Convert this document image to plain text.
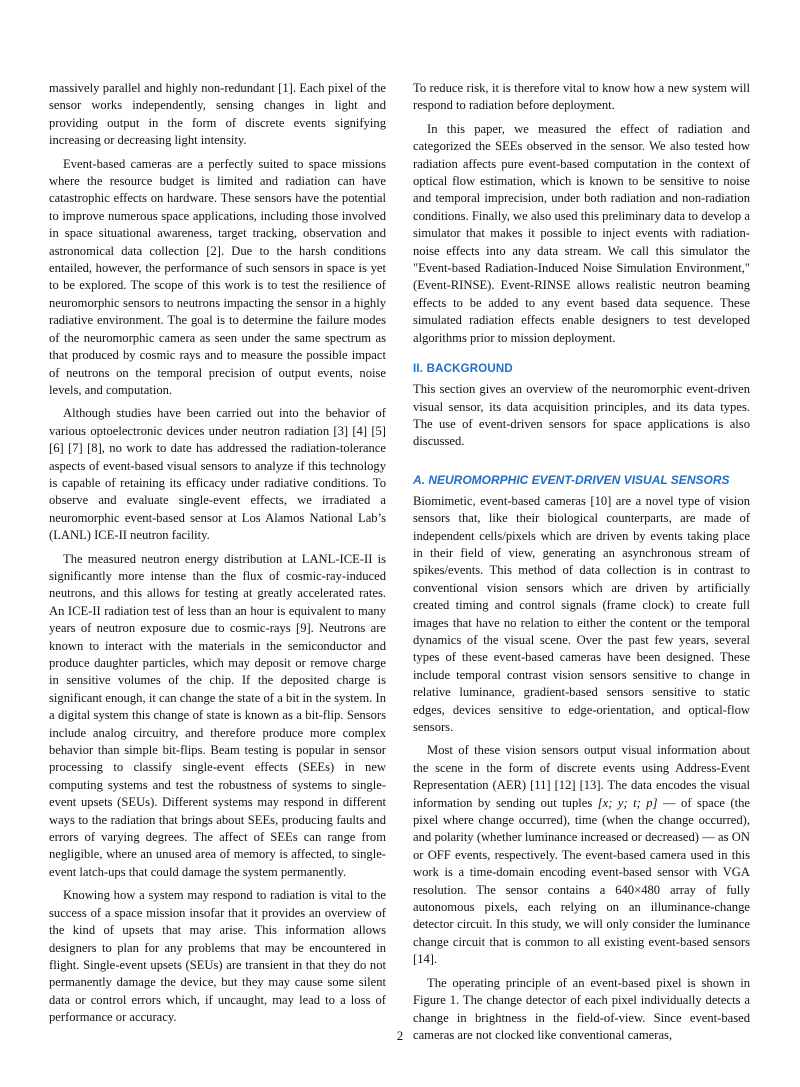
massively parallel and highly non-redundant [1]. Each pixel of the sensor works independently, sensing changes in light and providing output in the form of discrete events signifying increasing or decreasing light intensity.

Event-based cameras are a perfectly suited to space missions where the resource budget is limited and radiation can have catastrophic effects on hardware. These sensors have the potential to improve numerous space applications, including those involved in space situational awareness, target tracking, observation and astronomical data collection [2]. Due to the harsh conditions entailed, however, the performance of such sensors in space is yet to be explored. The scope of this work is to test the resilience of neuromorphic sensors to neutrons impacting the sensor in a highly radiative environment. The goal is to determine the failure modes of the neuromorphic camera as seen under the same spectrum as that produced by cosmic rays and to measure the possible impact of neutrons on the temporal precision of output events, noise levels, and computation.

Although studies have been carried out into the behavior of various optoelectronic devices under neutron radiation [3] [4] [5] [6] [7] [8], no work to date has addressed the radiation-tolerance aspects of event-based visual sensors to analyze if this technology is capable of retaining its efficacy under radiative conditions. To observe and evaluate single-event effects, we irradiated a neuromorphic event-based sensor at Los Alamos National Lab’s (LANL) ICE-II neutron facility.

The measured neutron energy distribution at LANL-ICE-II is significantly more intense than the flux of cosmic-ray-induced neutrons, and this allows for testing at greatly accelerated rates. An ICE-II radiation test of less than an hour is equivalent to many years of neutron exposure due to cosmic-rays [9]. Neutrons are known to interact with the materials in the semiconductor and produce daughter particles, which may deposit or remove charge in sensitive volumes of the chip. If the deposited charge is significant enough, it can change the state of a bit in the system. In a digital system this change of state is known as a bit-flip. Sensors include analog circuitry, and therefore produce more complex behavior than simple bit-flips. Beam testing is popular in sensor processing to classify single-event effects (SEEs) in new computing systems and test the robustness of systems to single-event upsets (SEUs). Different systems may respond in different ways to the radiation that brings about SEEs, producing faults and errors of varying degrees. The affect of SEEs can range from negligible, where an unused area of memory is affected, to single-event latch-ups that could damage the system permanently.

Knowing how a system may respond to radiation is vital to the success of a space mission insofar that it provides an overview of the kind of upsets that may arise. This information allows designers to plan for any problems that may be encountered in flight. Single-event upsets (SEUs) are transient in that they do not permanently damage the device, but they may cause some silent data or control errors which, if uncaught, may lead to a loss of performance or accuracy.

To reduce risk, it is therefore vital to know how a new system will respond to radiation before deployment.

In this paper, we measured the effect of radiation and categorized the SEEs observed in the sensor. We also tested how radiation affects pure event-based computation in the context of optical flow estimation, which is known to be sensitive to noise and temporal imprecision, under both radiation and non-radiation conditions. Finally, we also used this preliminary data to develop a simulator that makes it possible to inject events with radiation-noise effects into any data stream. We call this simulator the "Event-based Radiation-Induced Noise Simulation Environment," (Event-RINSE). Event-RINSE allows realistic neutron beaming effects to be added to any event based data sequence. These simulated radiation effects enable designers to test developed algorithms prior to mission deployment.

II. BACKGROUND

This section gives an overview of the neuromorphic event-driven visual sensor, its data acquisition principles, and its data types. The use of event-driven sensors for space applications is also discussed.

A. NEUROMORPHIC EVENT-DRIVEN VISUAL SENSORS

Biomimetic, event-based cameras [10] are a novel type of vision sensors that, like their biological counterparts, are made of independent cells/pixels which are driven by events taking place in their field of view, generating an asynchronous stream of spikes/events. This method of data collection is in contrast to conventional vision sensors which are driven by artificially created timing and control signals (frame clock) to create full images that have no relation to either the content or the temporal dynamics of the visual scene. Over the past few years, several types of these event-based cameras have been designed. These include temporal contrast vision sensors sensitive to change in relative luminance, gradient-based sensors sensitive to static edges, devices sensitive to edge-orientation, and optical-flow sensors.

Most of these vision sensors output visual information about the scene in the form of discrete events using Address-Event Representation (AER) [11] [12] [13]. The data encodes the visual information by sending out tuples [x; y; t; p] — of space (the pixel where change occurred), time (when the change occurred), and polarity (whether luminance increased or decreased) — as ON or OFF events, respectively. The event-based camera used in this work is a time-domain encoding event-based sensor with VGA resolution. The sensor contains a 640×480 array of fully autonomous pixels, each relying on an illuminance-change detector circuit. In this study, we will only consider the luminance change circuit that is common to all existing event-based sensors [14].

The operating principle of an event-based pixel is shown in Figure 1. The change detector of each pixel individually detects a change in brightness in the field-of-view. Since event-based cameras are not clocked like conventional cameras,

2
